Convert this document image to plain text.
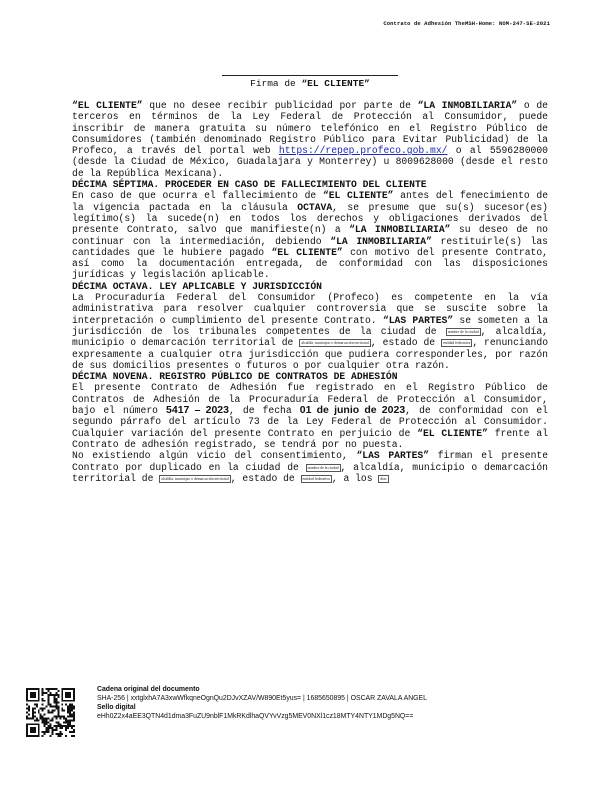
Contrato de Adhesión TheMSH-Home: NOM-247-SE-2021
Firma de “EL CLIENTE”

“EL CLIENTE” que no desee recibir publicidad por parte de “LA INMOBILIARIA” o de terceros en términos de la Ley Federal de Protección al Consumidor, puede inscribir de manera gratuita su número telefónico en el Registro Público de Consumidores (también denominado Registro Público para Evitar Publicidad) de la Profeco, a través del portal web https://repep.profeco.gob.mx/ o al 5596280000 (desde la Ciudad de México, Guadalajara y Monterrey) u 8009628000 (desde el resto de la República Mexicana).

DÉCIMA SÉPTIMA. PROCEDER EN CASO DE FALLECIMIENTO DEL CLIENTE

En caso de que ocurra el fallecimiento de “EL CLIENTE” antes del fenecimiento de la vigencia pactada en la cláusula OCTAVA, se presume que su(s) sucesor(es) legítimo(s) la sucede(n) en todos los derechos y obligaciones derivados del presente Contrato, salvo que manifieste(n) a “LA INMOBILIARIA” su deseo de no continuar con la intermediación, debiendo “LA INMOBILIARIA” restituirle(s) las cantidades que le hubiere pagado “EL CLIENTE” con motivo del presente Contrato, así como la documentación entregada, de conformidad con las disposiciones jurídicas y legislación aplicable.

DÉCIMA OCTAVA. LEY APLICABLE Y JURISDICCIÓN

La Procuraduría Federal del Consumidor (Profeco) es competente en la vía administrativa para resolver cualquier controversia que se suscite sobre la interpretación o cumplimiento del presente Contrato. “LAS PARTES” se someten a la jurisdicción de los tribunales competentes de la ciudad de nombre de la ciudad , alcaldía, municipio o demarcación territorial de alcaldía, municipio o demarcación territorial , estado de entidad federativa , renunciando expresamente a cualquier otra jurisdicción que pudiera corresponderles, por razón de sus domicilios presentes o futuros o por cualquier otra razón.

DÉCIMA NOVENA. REGISTRO PÚBLICO DE CONTRATOS DE ADHESIÓN

El presente Contrato de Adhesión fue registrado en el Registro Público de Contratos de Adhesión de la Procuraduría Federal de Protección al Consumidor, bajo el número 5417 – 2023, de fecha 01 de junio de 2023, de conformidad con el segundo párrafo del artículo 73 de la Ley Federal de Protección al Consumidor. Cualquier variación del presente Contrato en perjuicio de “EL CLIENTE” frente al Contrato de adhesión registrado, se tendrá por no puesta.

No existiendo algún vicio del consentimiento, “LAS PARTES” firman el presente Contrato por duplicado en la ciudad de nombre de la ciudad , alcaldía, municipio o demarcación territorial de alcaldía, municipio o demarcación territorial , estado de entidad federativa , a los días

Cadena original del documento
SHA-256 | xxtglxhA7A3xwWfkqneOgnQu2DJvXZAV/W890Et5yus= | 1685650895 | OSCAR ZAVALA ANGEL
Sello digital
eHh0Z2x4aEE3QTN4d1dma3FuZU9nblF1MkRKdlhaQVYvVzg5MEV0NXl1cz18MTY4NTY1MDg5NQ==
